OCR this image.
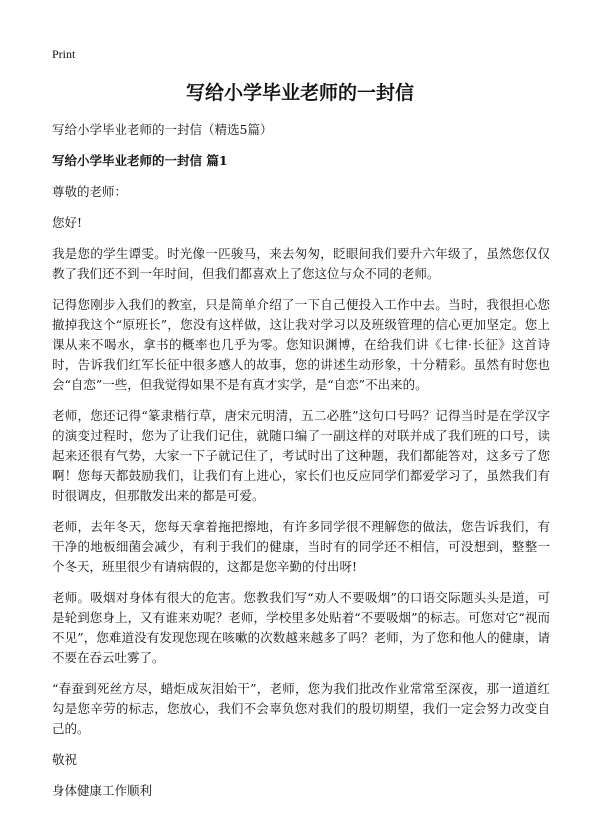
Print
写给小学毕业老师的一封信

写给小学毕业老师的一封信（精选5篇）

写给小学毕业老师的一封信 篇1

尊敬的老师：

您好!

我是您的学生谭雯。时光像一匹骏马，来去匆匆，眨眼间我们要升六年级了，虽然您仅仅教了我们还不到一年时间，但我们都喜欢上了您这位与众不同的老师。

记得您刚步入我们的教室，只是简单介绍了一下自己便投入工作中去。当时，我很担心您撤掉我这个“原班长”，您没有这样做，这让我对学习以及班级管理的信心更加坚定。您上课从来不喝水，拿书的概率也几乎为零。您知识渊博，在给我们讲《七律·长征》这首诗时，告诉我们红军长征中很多感人的故事，您的讲述生动形象，十分精彩。虽然有时您也会“自恋”一些，但我觉得如果不是有真才实学，是“自恋”不出来的。

老师，您还记得“篆隶楷行草，唐宋元明清，五二必胜”这句口号吗？记得当时是在学汉字的演变过程时，您为了让我们记住，就随口编了一副这样的对联并成了我们班的口号，读起来还很有气势，大家一下子就记住了，考试时出了这种题，我们都能答对，这多亏了您啊！您每天都鼓励我们，让我们有上进心，家长们也反应同学们都爱学习了，虽然我们有时很调皮，但那散发出来的都是可爱。

老师，去年冬天，您每天拿着拖把擦地，有许多同学很不理解您的做法，您告诉我们，有干净的地板细菌会减少，有利于我们的健康，当时有的同学还不相信，可没想到，整整一个冬天，班里很少有请病假的，这都是您辛勤的付出呀!

老师。吸烟对身体有很大的危害。您教我们写“劝人不要吸烟”的口语交际题头头是道，可是轮到您身上，又有谁来劝呢？老师，学校里多处贴着“不要吸烟”的标志。可您对它“视而不见”，您难道没有发现您现在咳嗽的次数越来越多了吗？老师，为了您和他人的健康，请不要在吞云吐雾了。

“春蚕到死丝方尽，蜡炬成灰泪始干”，老师，您为我们批改作业常常至深夜，那一道道红勾是您辛劳的标志，您放心，我们不会辜负您对我们的殷切期望，我们一定会努力改变自己的。

敬祝

身体健康工作顺利
